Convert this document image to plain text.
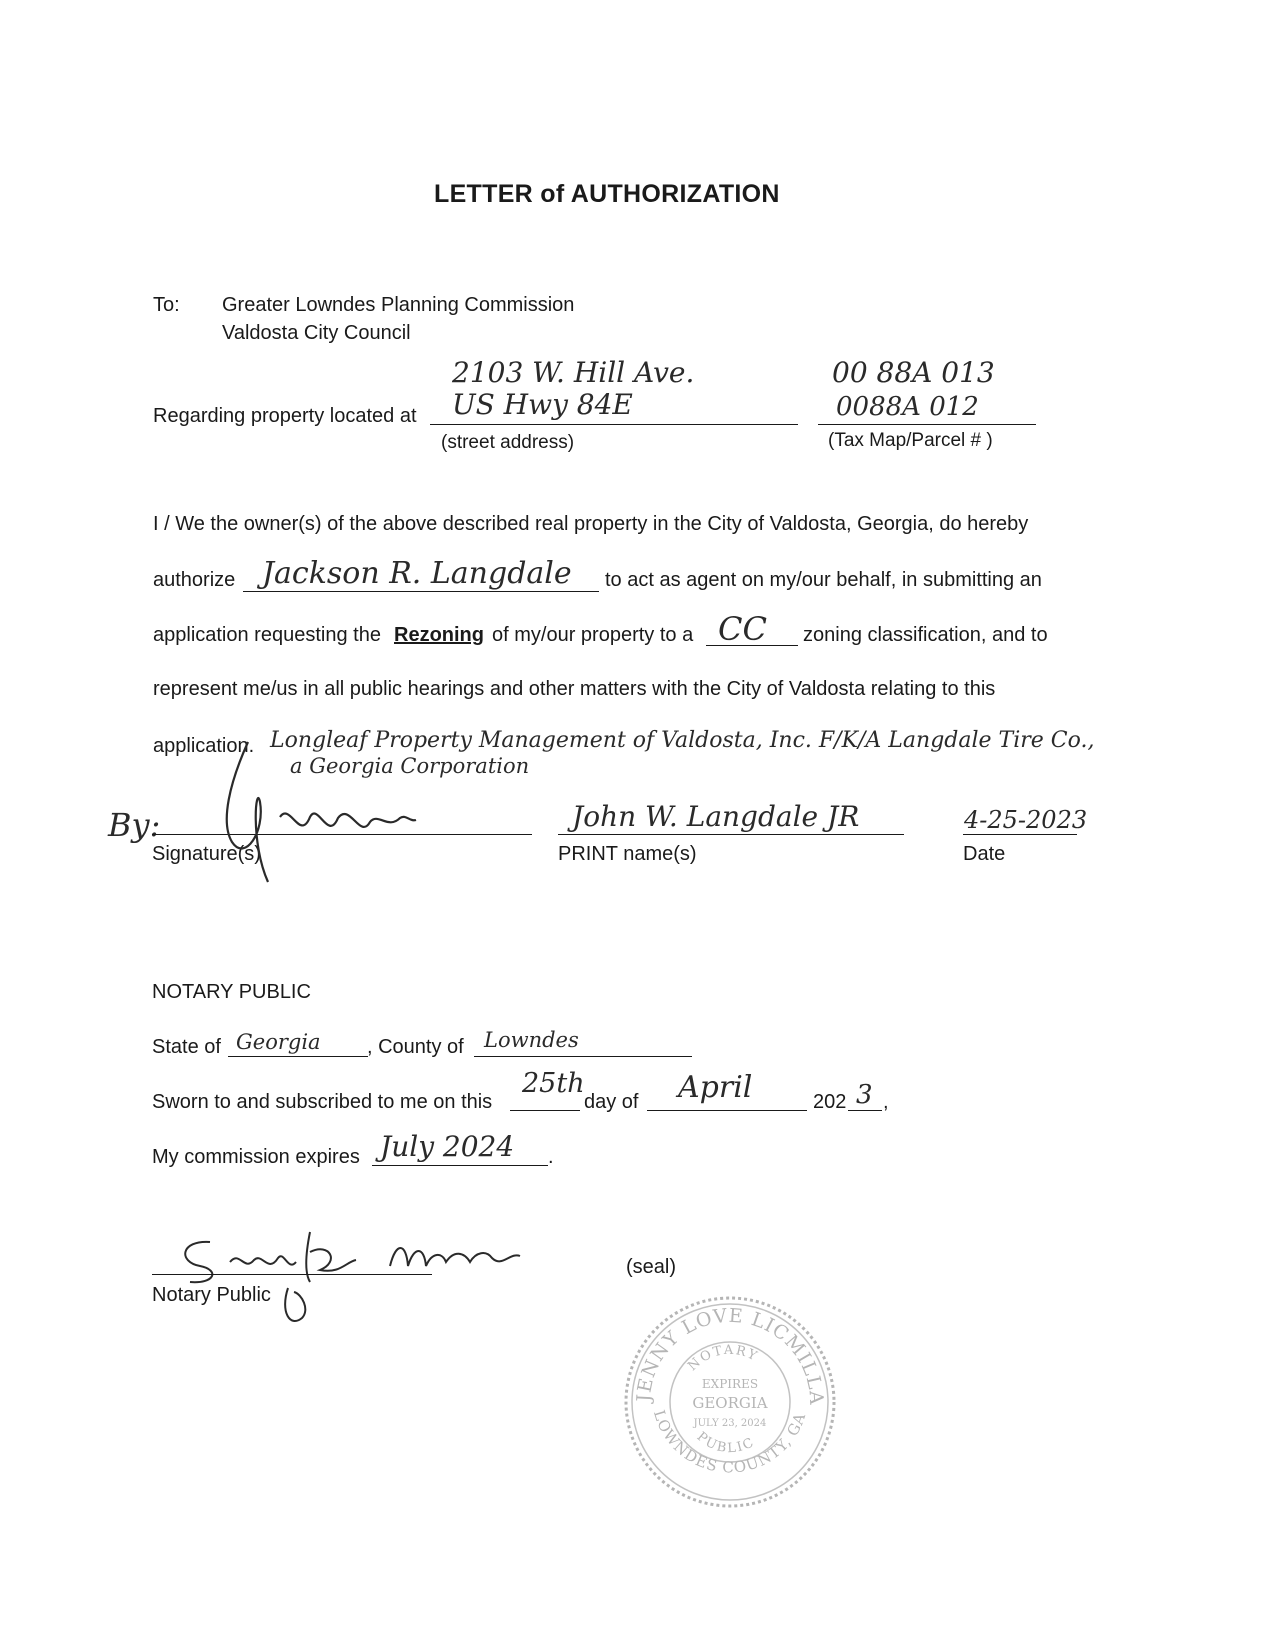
LETTER of AUTHORIZATION
To: Greater Lowndes Planning Commission
Valdosta City Council
2103 W. Hill Ave.
US Hwy 84E
00 88A 013
0088A 012
Regarding property located at
(street address)	(Tax Map/Parcel # )
I / We the owner(s) of the above described real property in the City of Valdosta, Georgia, do hereby
authorize Jackson R. Langdale to act as agent on my/our behalf, in submitting an
application requesting the Rezoning of my/our property to a CC zoning classification, and to
represent me/us in all public hearings and other matters with the City of Valdosta relating to this
application. Longleaf Property Management of Valdosta, Inc. F/K/A Langdale Tire Co.,
a Georgia Corporation
By:
Signature(s)
John W. Langdale JR
PRINT name(s)
4-25-2023
Date
NOTARY PUBLIC
State of Georgia , County of Lowndes
Sworn to and subscribed to me on this
25th
day of April	202 3 ,
My commission expires July 2024 .
Notary Public
(seal)
JENNY LOVE LICMILLAM
LOWNDES COUNTY, GA
NOTARY
PUBLIC
EXPIRES
GEORGIA
JULY 23, 2024
